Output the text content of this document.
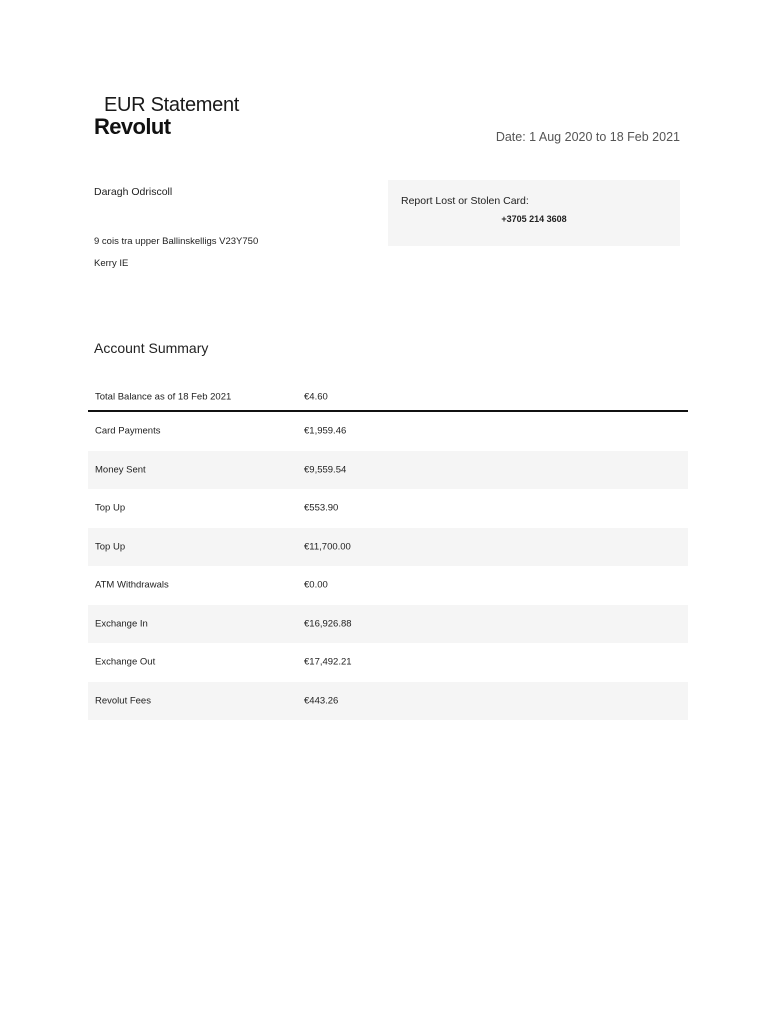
EUR Statement
Revolut	Date: 1 Aug 2020 to 18 Feb 2021
Daragh Odriscoll
9 cois tra upper Ballinskelligs V23Y750
Kerry IE
Report Lost or Stolen Card:
+3705 214 3608
Account Summary
Total Balance as of 18 Feb 2021	€4.60
Card Payments	€1,959.46
Money Sent	€9,559.54
Top Up	€553.90
Top Up	€11,700.00
ATM Withdrawals	€0.00
Exchange In	€16,926.88
Exchange Out	€17,492.21
Revolut Fees	€443.26
